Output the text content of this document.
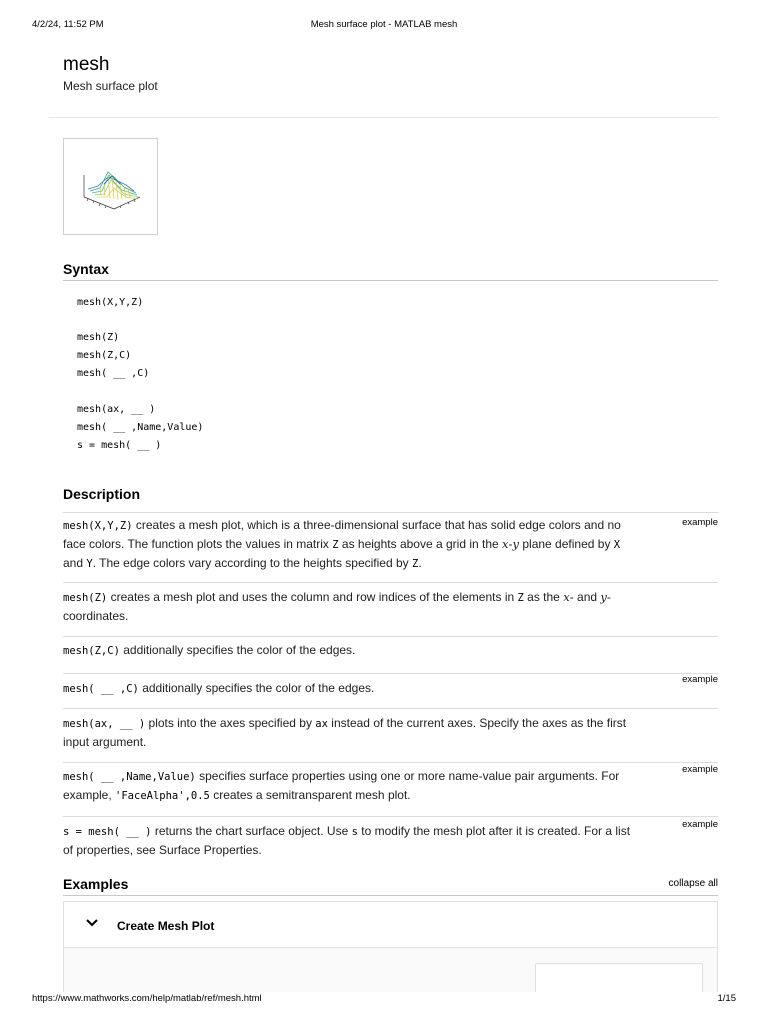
4/2/24, 11:52 PM	Mesh surface plot - MATLAB mesh
mesh
Mesh surface plot
Syntax
mesh(X,Y,Z)
mesh(Z)
mesh(Z,C)
mesh( __ ,C)
mesh(ax, __ )
mesh( __ ,Name,Value)
s = mesh( __ )
Description
mesh(X,Y,Z) creates a mesh plot, which is a three-dimensional surface that has solid edge colors and no face colors. The function plots the values in matrix Z as heights above a grid in the x-y plane defined by X and Y. The edge colors vary according to the heights specified by Z.
example
mesh(Z) creates a mesh plot and uses the column and row indices of the elements in Z as the x- and y- coordinates.
mesh(Z,C) additionally specifies the color of the edges.
mesh( __ ,C) additionally specifies the color of the edges.
example
mesh(ax, __ ) plots into the axes specified by ax instead of the current axes. Specify the axes as the first input argument.
mesh( __ ,Name,Value) specifies surface properties using one or more name-value pair arguments. For example, 'FaceAlpha',0.5 creates a semitransparent mesh plot.
example
s = mesh( __ ) returns the chart surface object. Use s to modify the mesh plot after it is created. For a list of properties, see Surface Properties.
example
Examples	collapse all
Create Mesh Plot
https://www.mathworks.com/help/matlab/ref/mesh.html	1/15
